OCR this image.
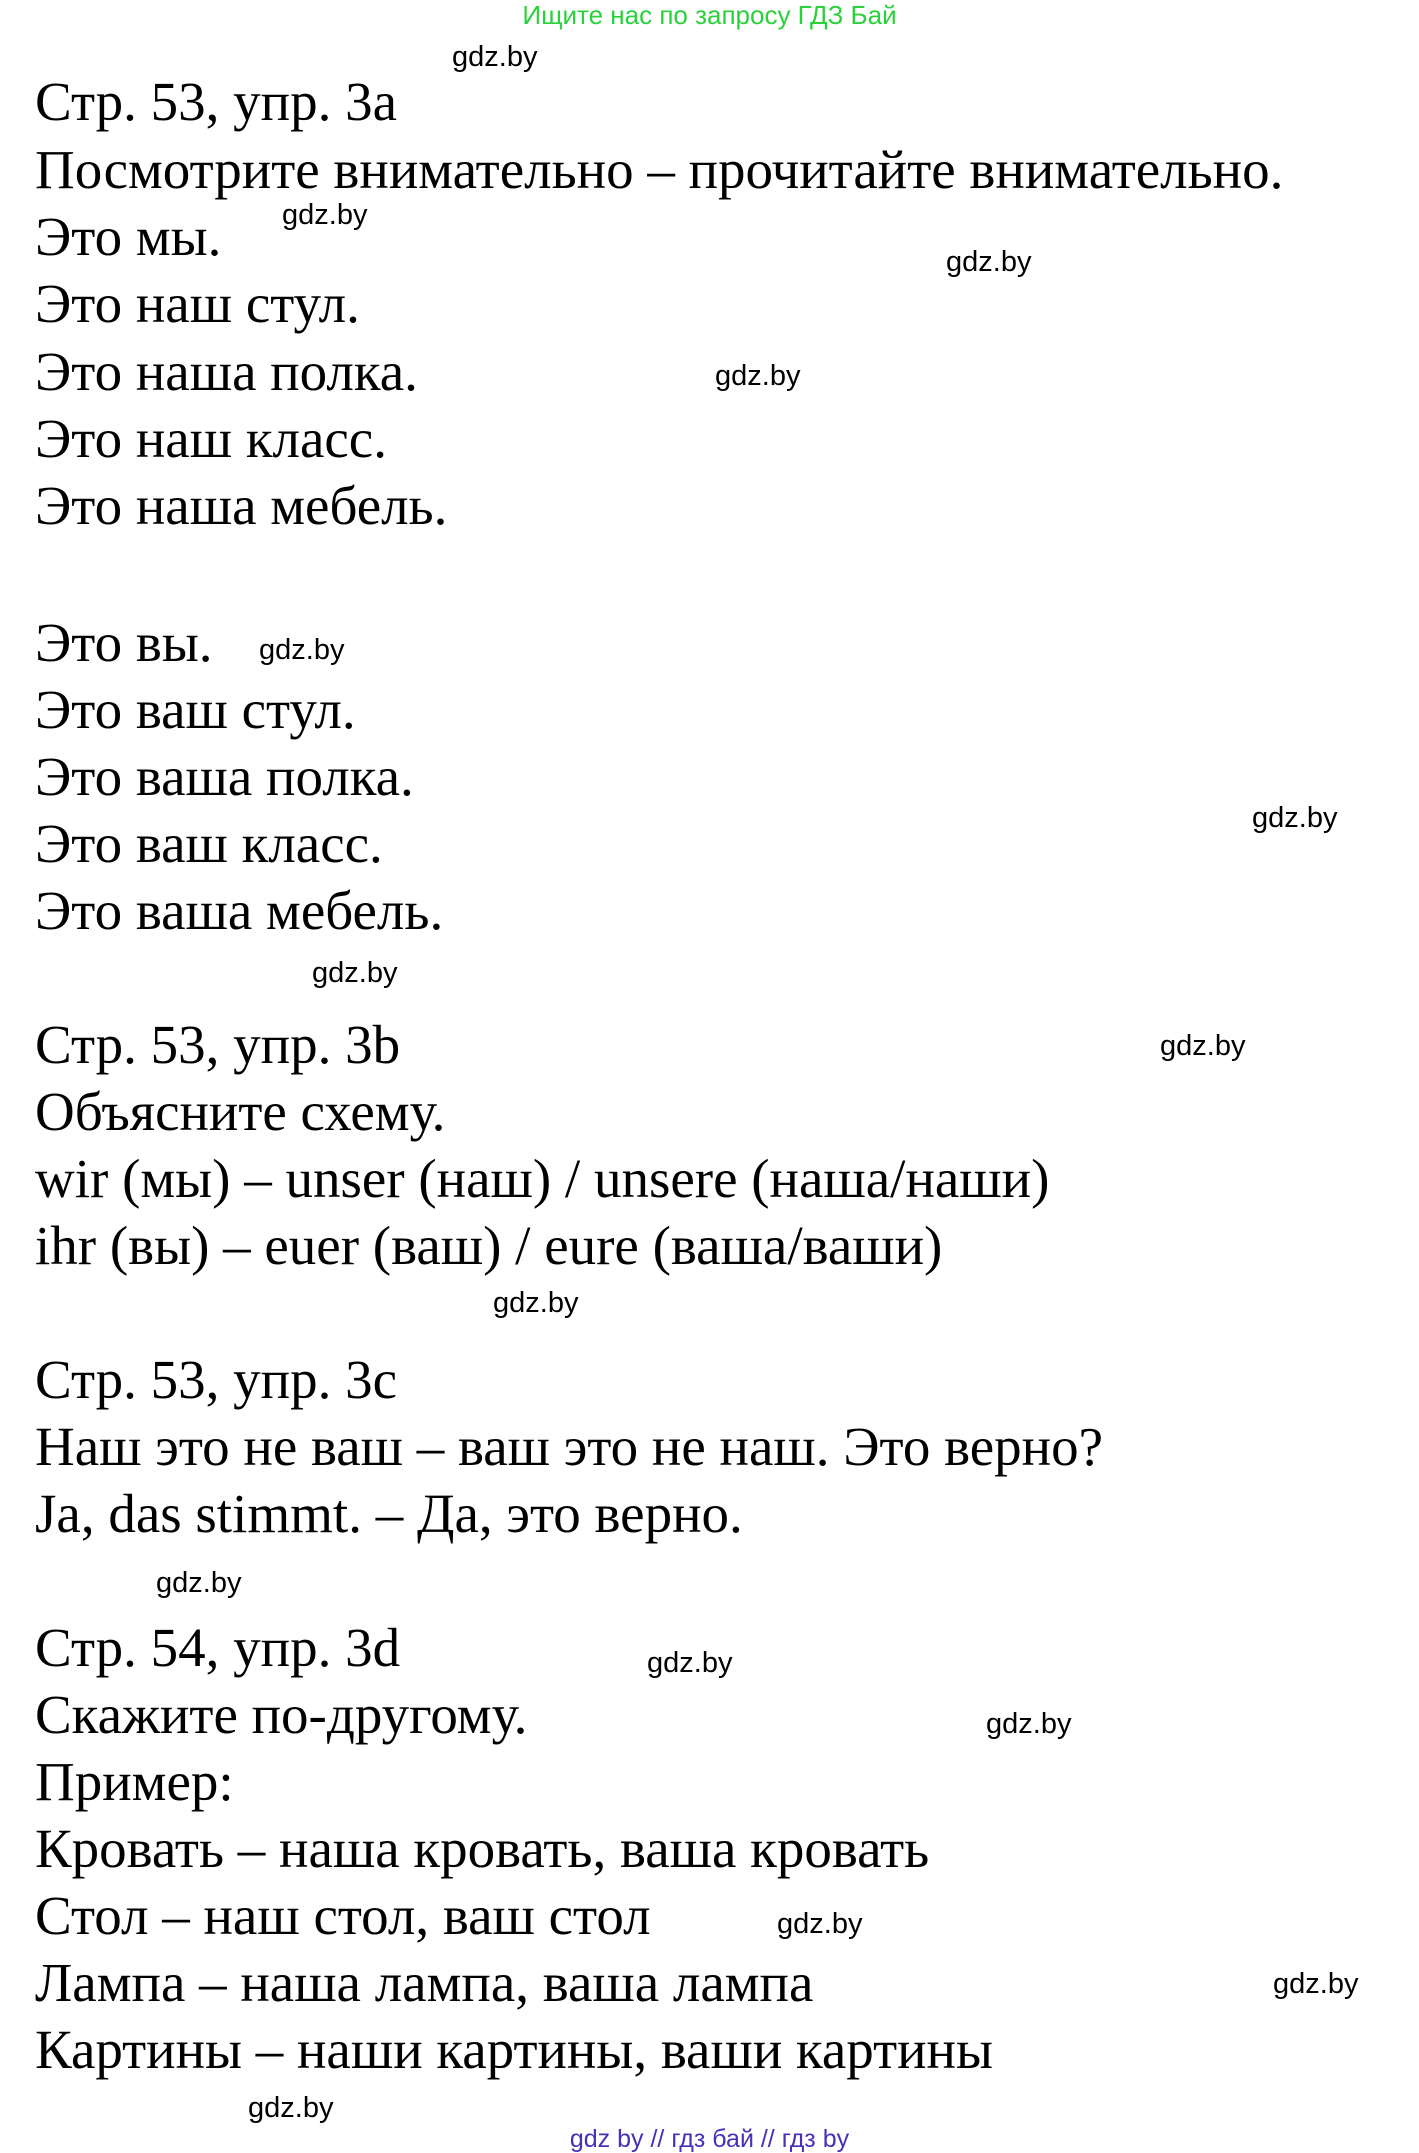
Ищите нас по запросу ГДЗ Бай
Стр. 53, упр. 3а
Посмотрите внимательно – прочитайте внимательно.
Это мы.
Это наш стул.
Это наша полка.
Это наш класс.
Это наша мебель.
Это вы.
Это ваш стул.
Это ваша полка.
Это ваш класс.
Это ваша мебель.
Стр. 53, упр. 3b
Объясните схему.
wir (мы) – unser (наш) / unsere (наша/наши)
ihr (вы) – euer (ваш) / eure (ваша/ваши)
Стр. 53, упр. 3c
Наш это не ваш – ваш это не наш. Это верно?
Ja, das stimmt. – Да, это верно.
Стр. 54, упр. 3d
Скажите по-другому.
Пример:
Кровать – наша кровать, ваша кровать
Стол – наш стол, ваш стол
Лампа – наша лампа, ваша лампа
Картины – наши картины, ваши картины
gdz.by
gdz.by
gdz.by
gdz.by
gdz.by
gdz.by
gdz.by
gdz.by
gdz.by
gdz.by
gdz.by
gdz.by
gdz.by
gdz.by
gdz.by
gdz by // гдз бай // гдз by
